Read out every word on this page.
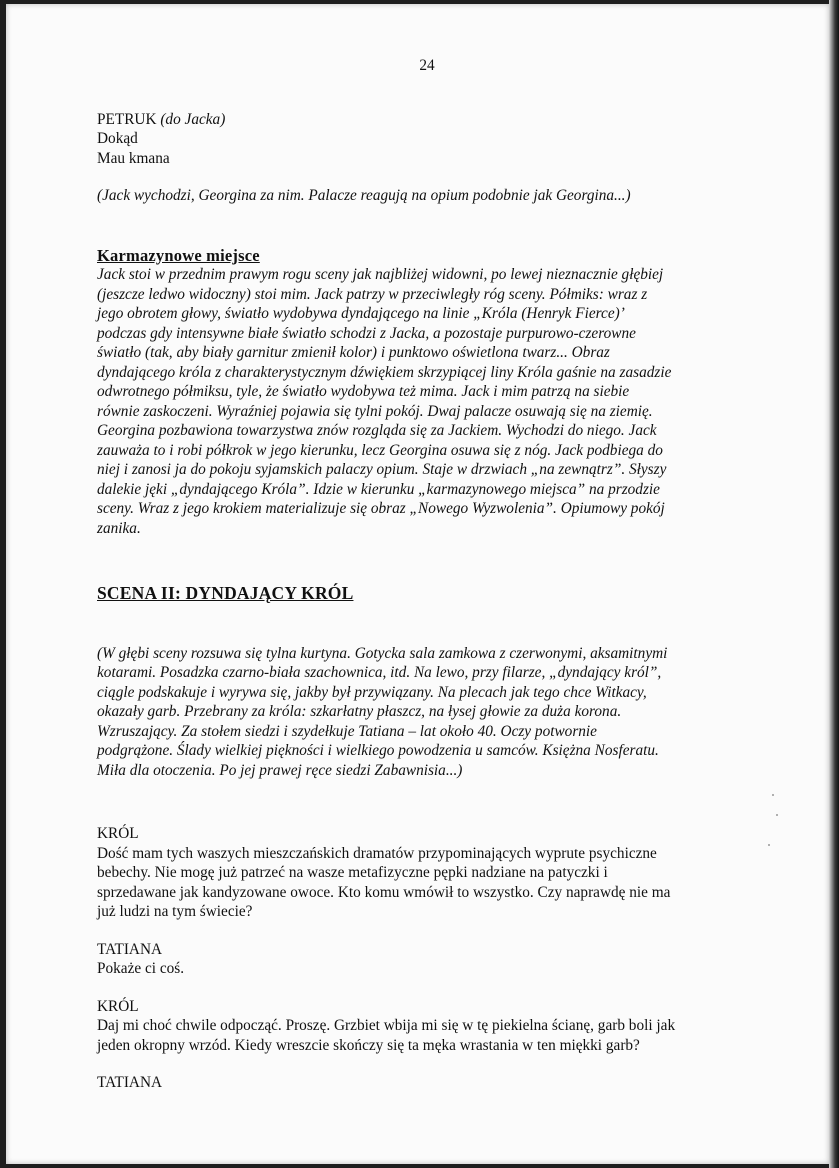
24
PETRUK (do Jacka)
Dokąd
Mau kmana

(Jack wychodzi, Georgina za nim. Palacze reagują na opium podobnie jak Georgina...)

Karmazynowe miejsce
Jack stoi w przednim prawym rogu sceny jak najbliżej widowni, po lewej nieznacznie głębiej
(jeszcze ledwo widoczny) stoi mim. Jack patrzy w przeciwległy róg sceny. Półmiks: wraz z
jego obrotem głowy, światło wydobywa dyndającego na linie „Króla (Henryk Fierce)’
podczas gdy intensywne białe światło schodzi z Jacka, a pozostaje purpurowo-czerowne
światło (tak, aby biały garnitur zmienił kolor) i punktowo oświetlona twarz... Obraz
dyndającego króla z charakterystycznym dźwiękiem skrzypiącej liny Króla gaśnie na zasadzie
odwrotnego półmiksu, tyle, że światło wydobywa też mima. Jack i mim patrzą na siebie
równie zaskoczeni. Wyraźniej pojawia się tylni pokój. Dwaj palacze osuwają się na ziemię.
Georgina pozbawiona towarzystwa znów rozgląda się za Jackiem. Wychodzi do niego. Jack
zauważa to i robi półkrok w jego kierunku, lecz Georgina osuwa się z nóg. Jack podbiega do
niej i zanosi ja do pokoju syjamskich palaczy opium. Staje w drzwiach „na zewnątrz”. Słyszy
dalekie jęki „dyndającego Króla”. Idzie w kierunku „karmazynowego miejsca” na przodzie
sceny. Wraz z jego krokiem materializuje się obraz „Nowego Wyzwolenia”. Opiumowy pokój
zanika.
SCENA II: DYNDAJĄCY KRÓL
(W głębi sceny rozsuwa się tylna kurtyna. Gotycka sala zamkowa z czerwonymi, aksamitnymi
kotarami. Posadzka czarno-biała szachownica, itd. Na lewo, przy filarze, „dyndający król”,
ciągle podskakuje i wyrywa się, jakby był przywiązany. Na plecach jak tego chce Witkacy,
okazały garb. Przebrany za króla: szkarłatny płaszcz, na łysej głowie za duża korona.
Wzruszający. Za stołem siedzi i szydełkuje Tatiana – lat około 40. Oczy potwornie
podgrążone. Ślady wielkiej piękności i wielkiego powodzenia u samców. Księżna Nosferatu.
Miła dla otoczenia. Po jej prawej ręce siedzi Zabawnisia...)
KRÓL
Dość mam tych waszych mieszczańskich dramatów przypominających wyprute psychiczne
bebechy. Nie mogę już patrzeć na wasze metafizyczne pępki nadziane na patyczki i
sprzedawane jak kandyzowane owoce. Kto komu wmówił to wszystko. Czy naprawdę nie ma
już ludzi na tym świecie?
TATIANA
Pokaże ci coś.
KRÓL
Daj mi choć chwile odpocząć. Proszę. Grzbiet wbija mi się w tę piekielna ścianę, garb boli jak
jeden okropny wrzód. Kiedy wreszcie skończy się ta męka wrastania w ten miękki garb?
TATIANA
